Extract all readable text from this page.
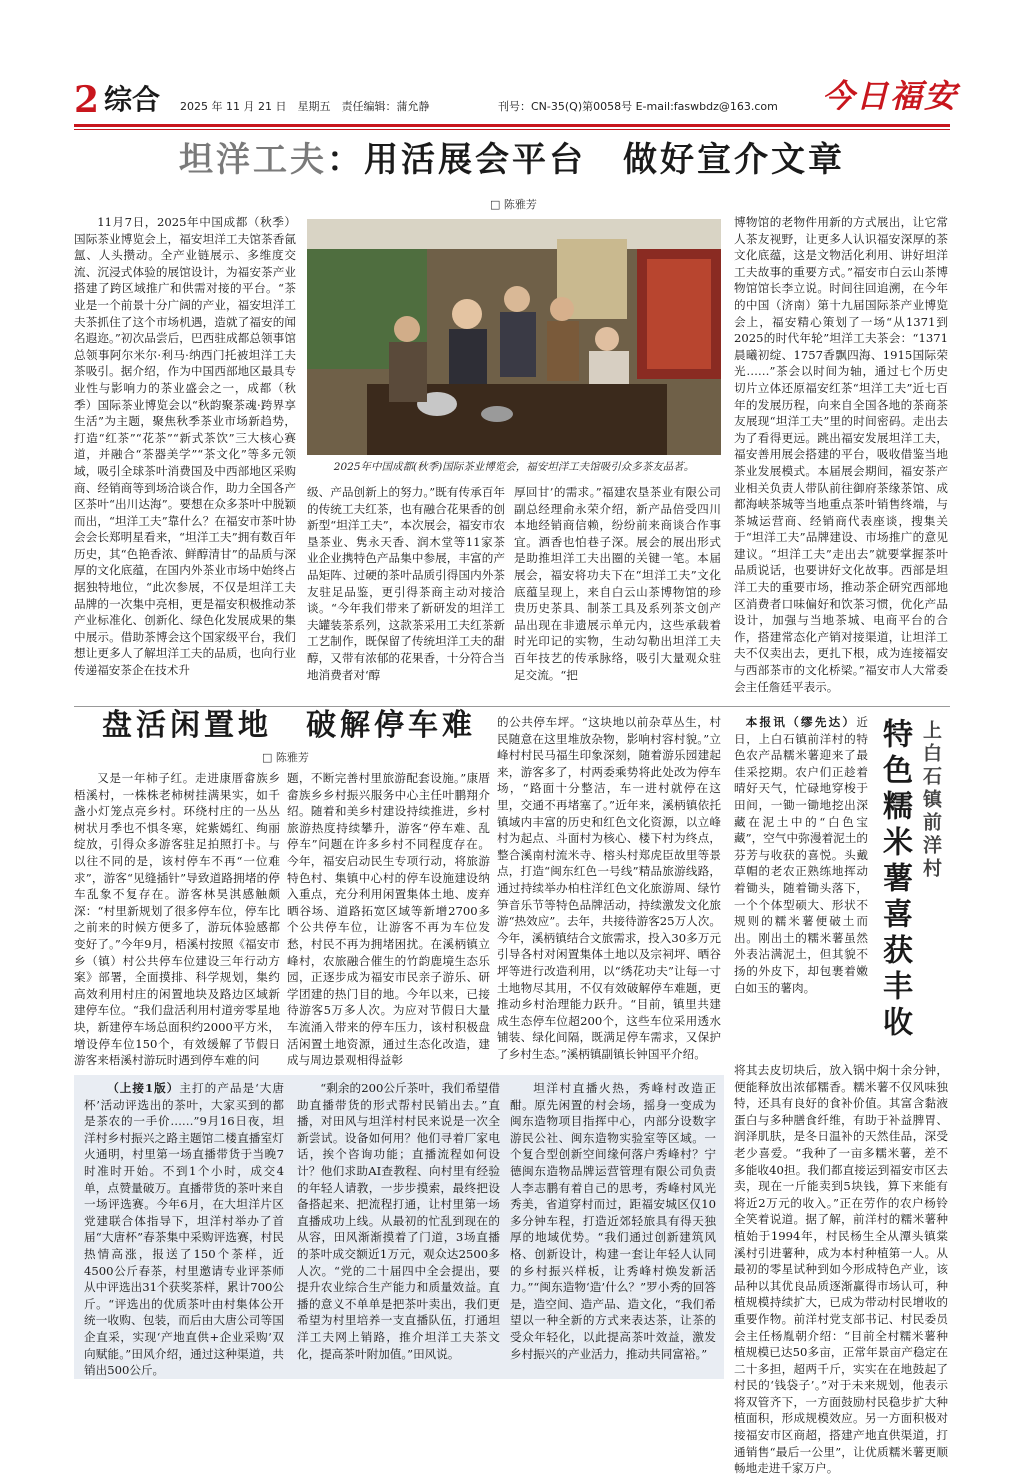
2 综合 2025 年 11 月 21 日　星期五　责任编辑：蒲允静	刊号：CN-35(Q)第0058号 E-mail:faswbdz@163.com 今日福安
坦洋工夫：用活展会平台　做好宣介文章
□ 陈雅芳

11月7日，2025年中国成都（秋季）国际茶业博览会上，福安坦洋工夫馆茶香氤氲、人头攒动。全产业链展示、多维度交流、沉浸式体验的展馆设计，为福安茶产业搭建了跨区域推广和供需对接的平台。“茶业是一个前景十分广阔的产业，福安坦洋工夫茶抓住了这个市场机遇，造就了福安的闻名遐迩。”初次品尝后，巴西驻成都总领事馆总领事阿尔米尔·利马·纳西门托被坦洋工夫茶吸引。据介绍，作为中国西部地区最具专业性与影响力的茶业盛会之一，成都（秋季）国际茶业博览会以“秋韵聚茶魂·跨界享生活”为主题，聚焦秋季茶业市场新趋势，打造“红茶”“花茶”“新式茶饮”三大核心赛道，并融合“茶器美学”“茶文化”等多元领域，吸引全球茶叶消费国及中西部地区采购商、经销商等到场洽谈合作，助力全国各产区茶叶“出川达海”。要想在众多茶叶中脱颖而出，“坦洋工夫”靠什么？在福安市茶叶协会会长郑明星看来，“坦洋工夫”拥有数百年历史，其“色艳香浓、鲜醇清甘”的品质与深厚的文化底蕴，在国内外茶业市场中始终占据独特地位，“此次参展，不仅是坦洋工夫品牌的一次集中亮相，更是福安积极推动茶产业标准化、创新化、绿色化发展成果的集中展示。借助茶博会这个国家级平台，我们想让更多人了解坦洋工夫的品质，也向行业传递福安茶企在技术升

2025年中国成都(秋季)国际茶业博览会，福安坦洋工夫馆吸引众多茶友品茗。

级、产品创新上的努力。”既有传承百年的传统工夫红茶，也有融合花果香的创新型“坦洋工夫”，本次展会，福安市农垦茶业、隽永天香、润木堂等11家茶业企业携特色产品集中参展，丰富的产品矩阵、过硬的茶叶品质引得国内外茶友驻足品鉴，更引得茶商主动对接洽谈。“今年我们带来了新研发的坦洋工夫罐装茶系列，这款茶采用工夫红茶新工艺制作，既保留了传统坦洋工夫的甜醇，又带有浓郁的花果香，十分符合当地消费者对‘醇

厚回甘’的需求。”福建农垦茶业有限公司副总经理俞永荣介绍，新产品倍受四川本地经销商信赖，纷纷前来商谈合作事宜。酒香也怕巷子深。展会的展出形式是助推坦洋工夫出圈的关键一笔。本届展会，福安将功夫下在“坦洋工夫”文化底蕴呈现上，来自白云山茶博物馆的珍贵历史茶具、制茶工具及系列茶文创产品出现在非遗展示单元内，这些承载着时光印记的实物，生动勾勒出坦洋工夫百年技艺的传承脉络，吸引大量观众驻足交流。“把

博物馆的老物件用新的方式展出，让它常人茶友视野，让更多人认识福安深厚的茶文化底蕴，这是文物活化利用、讲好坦洋工夫故事的重要方式。”福安市白云山茶博物馆馆长李立说。时间往回追溯，在今年的中国（济南）第十九届国际茶产业博览会上，福安精心策划了一场“从1371到2025的时代年轮”坦洋工夫茶会：“1371晨曦初绽、1757香飘四海、1915国际荣光……”茶会以时间为轴，通过七个历史切片立体还原福安红茶“坦洋工夫”近七百年的发展历程，向来自全国各地的茶商茶友展现“坦洋工夫”里的时间密码。走出去为了看得更远。跳出福安发展坦洋工夫，福安善用展会搭建的平台，吸收借鉴当地茶业发展模式。本届展会期间，福安茶产业相关负责人带队前往御府茶缘茶馆、成都海峡茶城等当地重点茶叶销售终端，与茶城运营商、经销商代表座谈，搜集关于“坦洋工夫”品牌建设、市场推广的意见建议。“坦洋工夫”走出去”就要掌握茶叶品质说话，也要讲好文化故事。西部是坦洋工夫的重要市场，推动茶企研究西部地区消费者口味偏好和饮茶习惯，优化产品设计，加强与当地茶城、电商平台的合作，搭建常态化产销对接渠道，让坦洋工夫不仅卖出去，更扎下根，成为连接福安与西部茶市的文化桥梁。”福安市人大常委会主任詹廷平表示。

盘活闲置地　破解停车难
□ 陈雅芳

又是一年柿子红。走进康厝畲族乡梧溪村，一株株老柿树挂满果实，如千盏小灯笼点亮乡村。环绕村庄的一丛丛树状月季也不惧冬寒，姹紫嫣红、绚丽绽放，引得众多游客驻足拍照打卡。与以往不同的是，该村停车不再“一位难求”，游客“见缝插针”导致道路拥堵的停车乱象不复存在。游客林昊淇感触颇深：“村里新规划了很多停车位，停车比之前来的时候方便多了，游玩体验感都变好了。”今年9月，梧溪村按照《福安市乡（镇）村公共停车位建设三年行动方案》部署，全面摸排、科学规划，集约高效利用村庄的闲置地块及路边区域新建停车位。“我们盘活利用村道旁零星地块，新建停车场总面积约2000平方米，增设停车位150个，有效缓解了节假日游客来梧溪村游玩时遇到停车难的问

题，不断完善村里旅游配套设施。”康厝畲族乡乡村振兴服务中心主任叶鹏翔介绍。随着和美乡村建设持续推进，乡村旅游热度持续攀升，游客“停车难、乱停车”问题在许多乡村不同程度存在。今年，福安启动民生专项行动，将旅游特色村、集镇中心村的停车设施建设纳入重点，充分利用闲置集体土地、废弃晒谷场、道路拓宽区域等新增2700多个公共停车位，让游客不再为车位发愁，村民不再为拥堵困扰。在溪柄镇立峰村，农旅融合催生的竹韵鹿境生态乐园，正逐步成为福安市民亲子游乐、研学团建的热门目的地。今年以来，已接待游客5万多人次。为应对节假日大量车流涌入带来的停车压力，该村积极盘活闲置土地资源，通过生态化改造，建成与周边景观相得益彰

的公共停车坪。“这块地以前杂草丛生，村民随意在这里堆放杂物，影响村容村貌。”立峰村村民马福生印象深刻，随着游乐园建起来，游客多了，村两委乘势将此处改为停车场，“路面十分整洁，车一进村就停在这里，交通不再堵塞了。”近年来，溪柄镇依托镇域内丰富的历史和红色文化资源，以立峰村为起点、斗面村为核心、楼下村为终点，整合溪南村流米寺、榕头村郑虎臣故里等景点，打造“闽东红色一号线”精品旅游线路，通过持续举办柏柱洋红色文化旅游周、绿竹笋音乐节等特色品牌活动，持续激发文化旅游“热效应”。去年，共接待游客25万人次。今年，溪柄镇结合文旅需求，投入30多万元引导各村对闲置集体土地以及宗祠坪、晒谷坪等进行改造利用，以“绣花功夫”让每一寸土地物尽其用，不仅有效破解停车难题，更推动乡村治理能力跃升。“目前，镇里共建成生态停车位超200个，这些车位采用透水铺装、绿化间隔，既满足停车需求，又保护了乡村生态。”溪柄镇副镇长钟国平介绍。

上白石镇前洋村
特色糯米薯喜获丰收

本报讯（缪先达）近日，上白石镇前洋村的特色农产品糯米薯迎来了最佳采挖期。农户们正趁着晴好天气，忙碌地穿梭于田间，一锄一锄地挖出深藏在泥土中的“白色宝藏”，空气中弥漫着泥土的芬芳与收获的喜悦。头戴草帽的老农正熟练地挥动着锄头，随着锄头落下，一个个体型硕大、形状不规则的糯米薯便破土而出。刚出土的糯米薯虽然外表沾满泥土，但其貌不扬的外皮下，却包裹着嫩白如玉的薯肉。

将其去皮切块后，放入锅中焖十余分钟，便能释放出浓郁糯香。糯米薯不仅风味独特，还具有良好的食补价值。其富含黏液蛋白与多种膳食纤维，有助于补益脾胃、润泽肌肤，是冬日温补的天然佳品，深受老少喜爱。“我种了一亩多糯米薯，差不多能收40担。我们都直接运到福安市区去卖，现在一斤能卖到5块钱，算下来能有将近2万元的收入。”正在劳作的农户杨铃全笑着说道。据了解，前洋村的糯米薯种植始于1994年，村民杨生全从潭头镇棠溪村引进薯种，成为本村种植第一人。从最初的零星试种到如今形成特色产业，该品种以其优良品质逐渐赢得市场认可，种植规模持续扩大，已成为带动村民增收的重要作物。前洋村党支部书记、村民委员会主任杨胤朝介绍：“目前全村糯米薯种植规模已达50多亩，正常年景亩产稳定在二十多担，超两千斤，实实在在地鼓起了村民的‘钱袋子’。”对于未来规划，他表示将双管齐下，一方面鼓励村民稳步扩大种植面积，形成规模效应。另一方面积极对接福安市区商超，搭建产地直供渠道，打通销售“最后一公里”，让优质糯米薯更顺畅地走进千家万户。

（上接1版）主打的产品是‘大唐杯’活动评选出的茶叶，大家买到的都是茶农的一手价……”9月16日夜，坦洋村乡村振兴之路主题馆二楼直播室灯火通明，村里第一场直播带货于当晚7时准时开始。不到1个小时，成交4单，点赞量破万。直播带货的茶叶来自一场评选赛。今年6月，在大坦洋片区党建联合体指导下，坦洋村举办了首届“大唐杯”春茶集中采购评选赛，村民热情高涨，报送了150个茶样，近4500公斤春茶，村里邀请专业评茶师从中评选出31个获奖茶样，累计700公斤。“评选出的优质茶叶由村集体公开统一收购、包装，而后由大唐公司等国企直采，实现‘产地直供+企业采购’双向赋能。”田风介绍，通过这种渠道，共销出500公斤。

“剩余的200公斤茶叶，我们希望借助直播带货的形式帮村民销出去。”直播，对田风与坦洋村村民来说是一次全新尝试。设备如何用？他们寻着厂家电话，挨个咨询功能；直播流程如何设计？他们求助AI查教程、向村里有经验的年轻人请教，一步步摸索，最终把设备搭起来、把流程打通，让村里第一场直播成功上线。从最初的忙乱到现在的从容，田风渐渐摸着了门道，3场直播的茶叶成交额近1万元，观众达2500多人次。“党的二十届四中全会提出，要提升农业综合生产能力和质量效益。直播的意义不单单是把茶叶卖出，我们更希望为村里培养一支直播队伍，打通坦洋工夫网上销路，推介坦洋工夫茶文化，提高茶叶附加值。”田风说。

坦洋村直播火热，秀峰村改造正酣。原先闲置的村会场，摇身一变成为闽东造物项目指挥中心，内部分设数字游民公社、闽东造物实验室等区域。一个复合型创新空间缘何落户秀峰村？宁德闽东造物品牌运营管理有限公司负责人李志鹏有着自己的思考，秀峰村风光秀美，省道穿村而过，距福安城区仅10多分钟车程，打造近郊轻旅具有得天独厚的地域优势。“我们通过创新建筑风格、创新设计，构建一套让年轻人认同的乡村振兴样板，让秀峰村焕发新活力。”“闽东造物‘造’什么？”罗小秀的回答是，造空间、造产品、造文化，“我们希望以一种全新的方式来表达茶，让茶的受众年轻化，以此提高茶叶效益，激发乡村振兴的产业活力，推动共同富裕。”
